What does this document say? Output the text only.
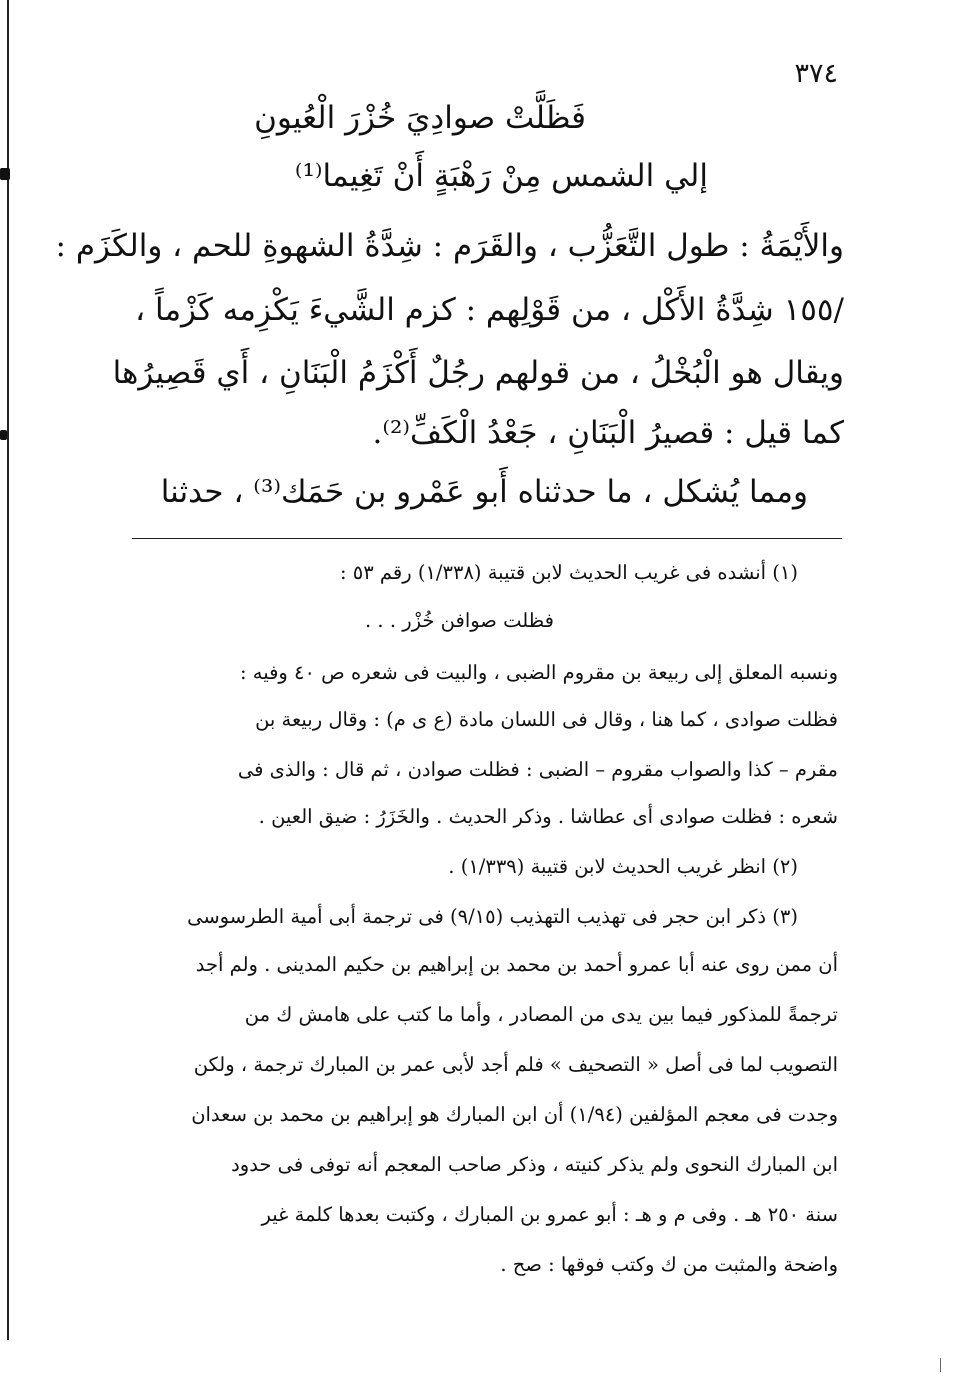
٣٧٤
فَظَلَّتْ صوادِيَ خُزْرَ الْعُيونِ
إلي الشمس مِنْ رَهْبَةٍ أَنْ تَغِيما⁽¹⁾
والأَيْمَةُ : طول التَّعَزُّب ، والقَرَم : شِدَّةُ الشهوةِ للحم ، والكَزَم :
/١٥٥ شِدَّةُ الأَكْل ، من قَوْلِهم : كزم الشَّيءَ يَكْزِمه كَزْماً ،
ويقال هو الْبُخْلُ ، من قولهم رجُلٌ أَكْزَمُ الْبَنَانِ ، أَي قَصِيرُها
كما قيل : قصيرُ الْبَنَانِ ، جَعْدُ الْكَفِّ⁽²⁾.
ومما يُشكل ، ما حدثناه أَبو عَمْرو بن حَمَك⁽³⁾ ، حدثنا
(١) أنشده فى غريب الحديث لابن قتيبة (١/٣٣٨) رقم ٥٣ :
فظلت صوافن خُزْر . . .
ونسبه المعلق إلى ربيعة بن مقروم الضبى ، والبيت فى شعره ص ٤٠ وفيه :
فظلت صوادى ، كما هنا ، وقال فى اللسان مادة (ع ى م) : وقال ربيعة بن
مقرم – كذا والصواب مقروم – الضبى : فظلت صوادن ، ثم قال : والذى فى
شعره : فظلت صوادى أى عطاشا . وذكر الحديث . والخَزَرُ : ضيق العين .
(٢) انظر غريب الحديث لابن قتيبة (١/٣٣٩) .
(٣) ذكر ابن حجر فى تهذيب التهذيب (٩/١٥) فى ترجمة أبى أمية الطرسوسى
أن ممن روى عنه أبا عمرو أحمد بن محمد بن إبراهيم بن حكيم المدينى . ولم أجد
ترجمةً للمذكور فيما بين يدى من المصادر ، وأما ما كتب على هامش ك من
التصويب لما فى أصل « التصحيف » فلم أجد لأبى عمر بن المبارك ترجمة ، ولكن
وجدت فى معجم المؤلفين (١/٩٤) أن ابن المبارك هو إبراهيم بن محمد بن سعدان
ابن المبارك النحوى ولم يذكر كنيته ، وذكر صاحب المعجم أنه توفى فى حدود
سنة ٢٥٠ هـ . وفى م و هـ : أبو عمرو بن المبارك ، وكتبت بعدها كلمة غير
واضحة والمثبت من ك وكتب فوقها : صح .
